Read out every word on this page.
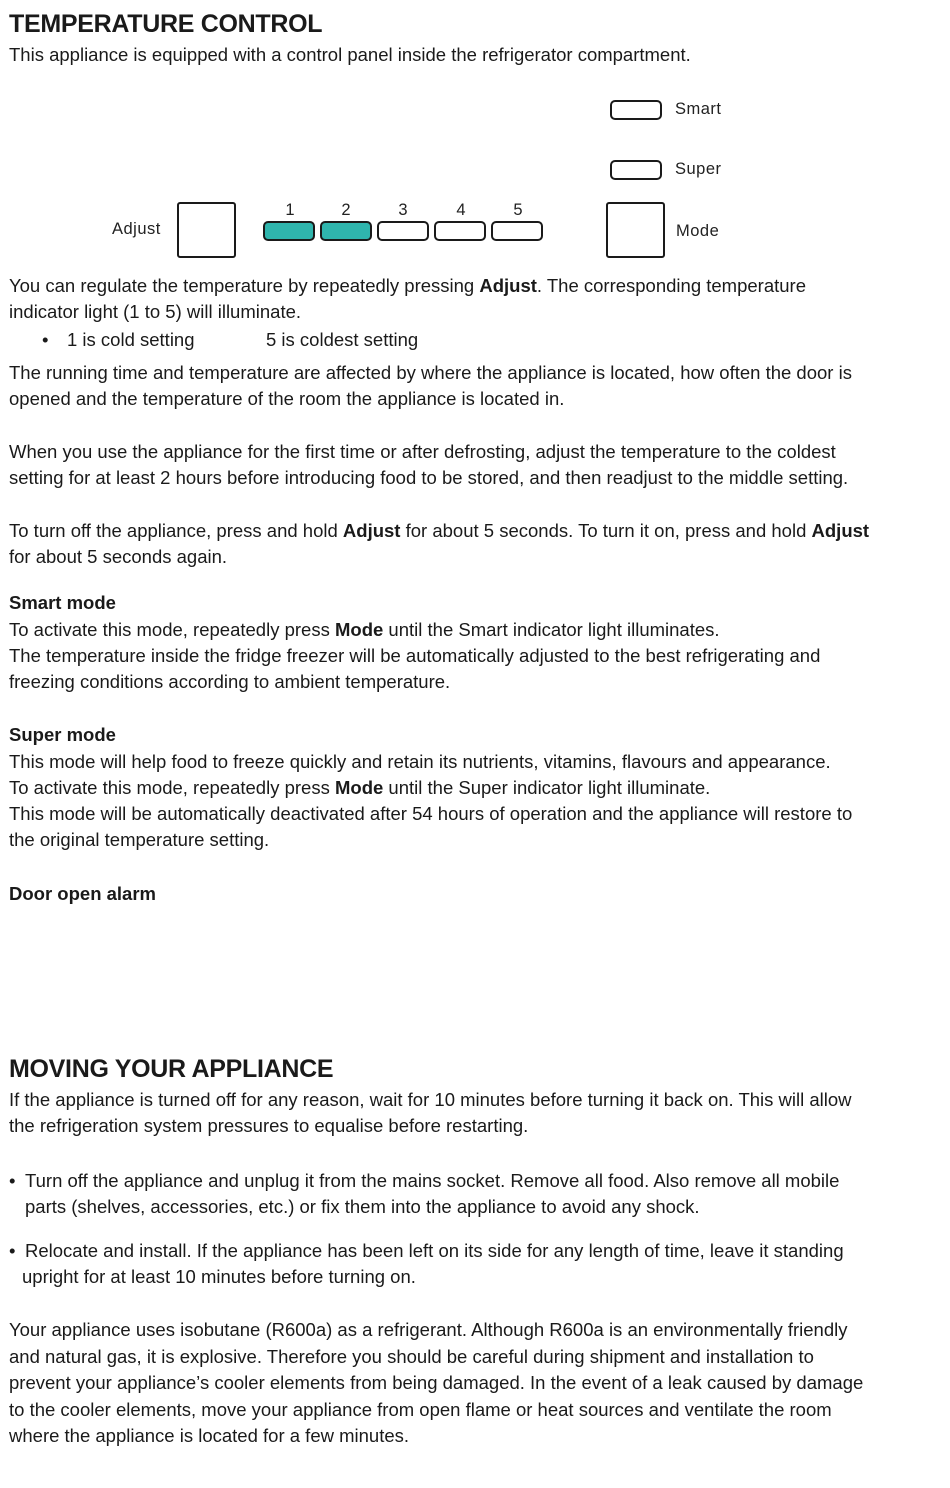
TEMPERATURE CONTROL
This appliance is equipped with a control panel inside the refrigerator compartment.
Smart
Super
Adjust
1	2	3	4	5
Mode
You can regulate the temperature by repeatedly pressing Adjust. The corresponding temperature
indicator light (1 to 5) will illuminate.
• 1 is cold setting	5 is coldest setting
The running time and temperature are affected by where the appliance is located, how often the door is
opened and the temperature of the room the appliance is located in.
When you use the appliance for the first time or after defrosting, adjust the temperature to the coldest
setting for at least 2 hours before introducing food to be stored, and then readjust to the middle setting.
To turn off the appliance, press and hold Adjust for about 5 seconds. To turn it on, press and hold Adjust
for about 5 seconds again.
Smart mode
To activate this mode, repeatedly press Mode until the Smart indicator light illuminates.
The temperature inside the fridge freezer will be automatically adjusted to the best refrigerating and
freezing conditions according to ambient temperature.
Super mode
This mode will help food to freeze quickly and retain its nutrients, vitamins, flavours and appearance.
To activate this mode, repeatedly press Mode until the Super indicator light illuminate.
This mode will be automatically deactivated after 54 hours of operation and the appliance will restore to
the original temperature setting.
Door open alarm
MOVING YOUR APPLIANCE
If the appliance is turned off for any reason, wait for 10 minutes before turning it back on. This will allow
the refrigeration system pressures to equalise before restarting.
• Turn off the appliance and unplug it from the mains socket. Remove all food. Also remove all mobile
parts (shelves, accessories, etc.) or fix them into the appliance to avoid any shock.
• Relocate and install. If the appliance has been left on its side for any length of time, leave it standing
upright for at least 10 minutes before turning on.
Your appliance uses isobutane (R600a) as a refrigerant. Although R600a is an environmentally friendly
and natural gas, it is explosive. Therefore you should be careful during shipment and installation to
prevent your appliance’s cooler elements from being damaged. In the event of a leak caused by damage
to the cooler elements, move your appliance from open flame or heat sources and ventilate the room
where the appliance is located for a few minutes.
